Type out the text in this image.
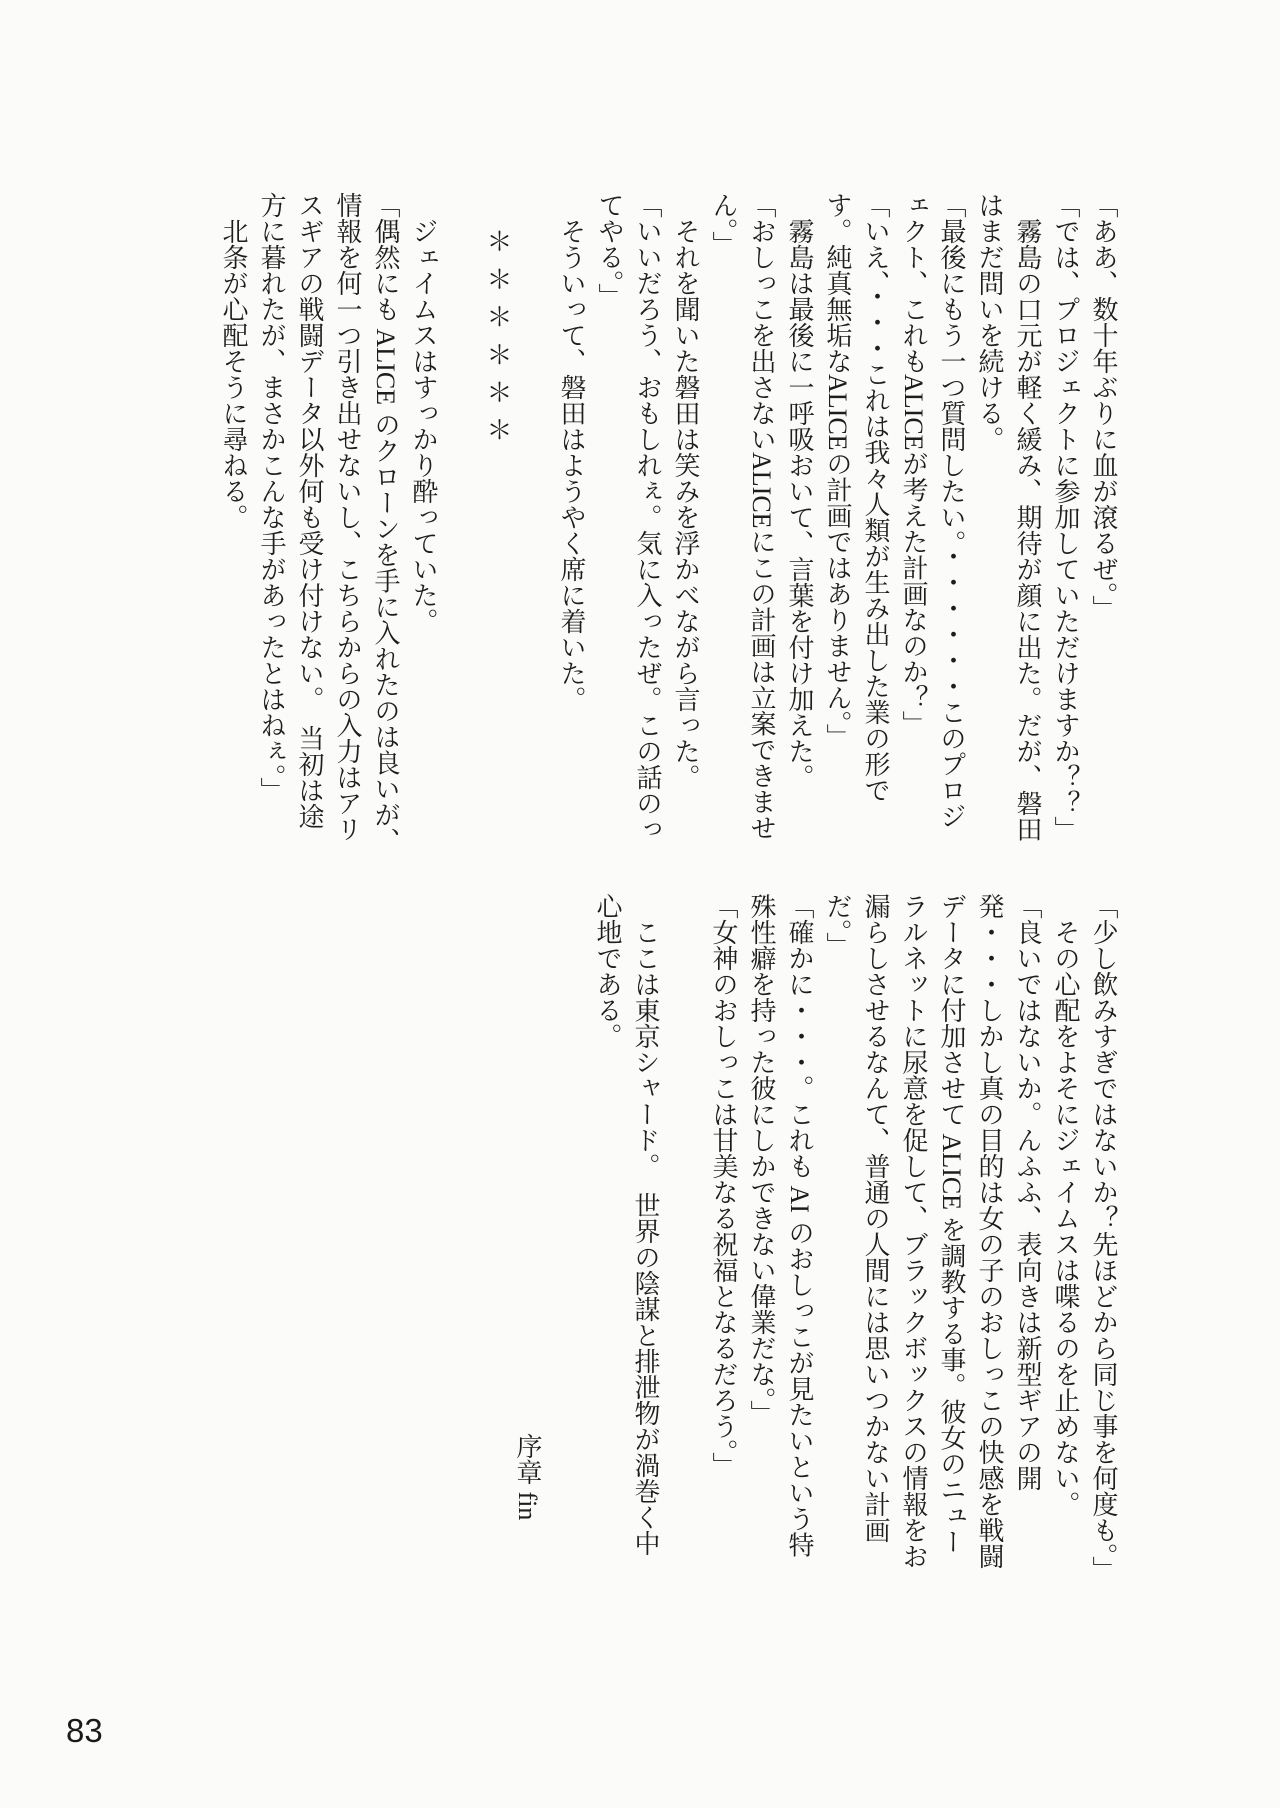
「ああ、数十年ぶりに血が滾るぜ。」

「では、プロジェクトに参加していただけますか？？」

霧島の口元が軽く緩み、期待が顔に出た。だが、磐田はまだ問いを続ける。

「最後にもう一つ質問したい。・・・・・・このプロジェクト、これもALICEが考えた計画なのか？」

「いえ、・・・これは我々人類が生み出した業の形です。純真無垢なALICEの計画ではありません。」

霧島は最後に一呼吸おいて、言葉を付け加えた。

「おしっこを出さないALICEにこの計画は立案できません。」

それを聞いた磐田は笑みを浮かべながら言った。

「いいだろう、おもしれぇ。気に入ったぜ。この話のってやる。」

そういって、磐田はようやく席に着いた。

＊＊＊＊＊＊

ジェイムスはすっかり酔っていた。

「偶然にも ALICE のクローンを手に入れたのは良いが、情報を何一つ引き出せないし、こちらからの入力はアリスギアの戦闘データ以外何も受け付けない。　当初は途方に暮れたが、まさかこんな手があったとはねぇ。」

北条が心配そうに尋ねる。

「少し飲みすぎではないか？先ほどから同じ事を何度も。」

その心配をよそにジェイムスは喋るのを止めない。

「良いではないか。んふふ、表向きは新型ギアの開発・・・しかし真の目的は女の子のおしっこの快感を戦闘データに付加させて ALICE を調教する事。彼女のニューラルネットに尿意を促して、ブラックボックスの情報をお漏らしさせるなんて、普通の人間には思いつかない計画だ。」

「確かに・・・。これも AI のおしっこが見たいという特殊性癖を持った彼にしかできない偉業だな。」

「女神のおしっこは甘美なる祝福となるだろう。」

ここは東京シャード。　世界の陰謀と排泄物が渦巻く中心地である。

序章 fin

83
